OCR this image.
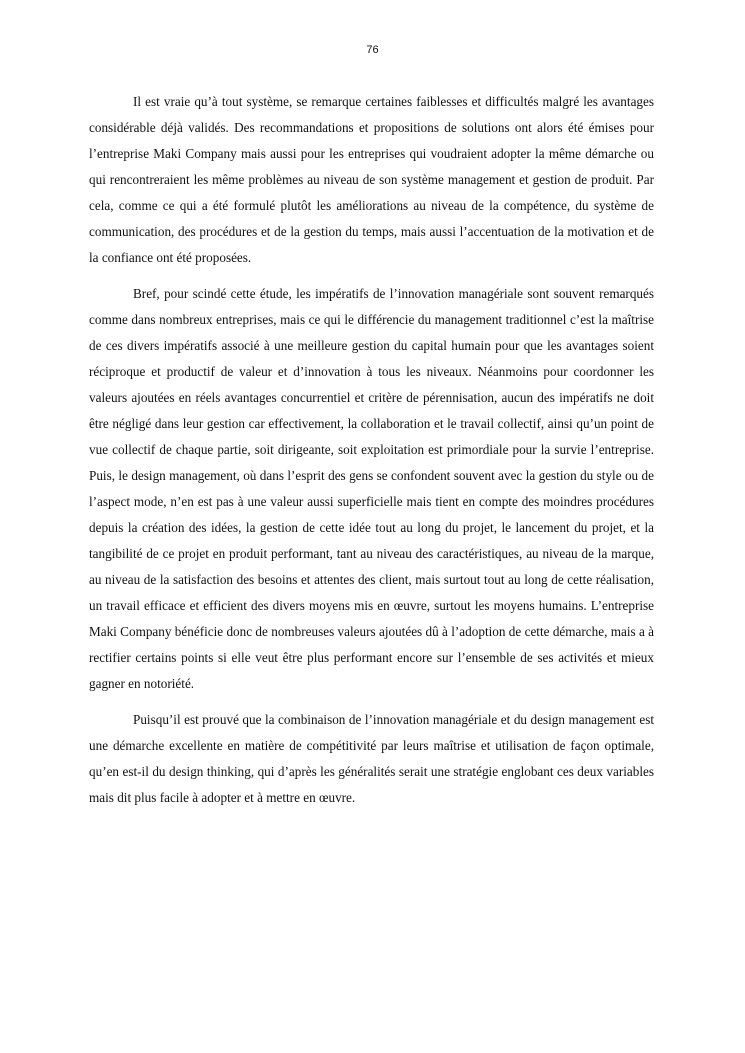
76

Il est vraie qu’à tout système, se remarque certaines faiblesses et difficultés malgré les avantages considérable déjà validés. Des recommandations et propositions de solutions ont alors été émises pour l’entreprise Maki Company mais aussi pour les entreprises qui voudraient adopter la même démarche ou qui rencontreraient les même problèmes au niveau de son système management et gestion de produit. Par cela, comme ce qui a été formulé plutôt les améliorations au niveau de la compétence, du système de communication, des procédures et de la gestion du temps, mais aussi l’accentuation de la motivation et de la confiance ont été proposées.

Bref, pour scindé cette étude, les impératifs de l’innovation managériale sont souvent remarqués comme dans nombreux entreprises, mais ce qui le différencie du management traditionnel c’est la maîtrise de ces divers impératifs associé à une meilleure gestion du capital humain pour que les avantages soient réciproque et productif de valeur et d’innovation à tous les niveaux. Néanmoins pour coordonner les valeurs ajoutées en réels avantages concurrentiel et critère de pérennisation, aucun des impératifs ne doit être négligé dans leur gestion car effectivement, la collaboration et le travail collectif, ainsi qu’un point de vue collectif de chaque partie, soit dirigeante, soit exploitation est primordiale pour la survie l’entreprise. Puis, le design management, où dans l’esprit des gens se confondent souvent avec la gestion du style ou de l’aspect mode, n’en est pas à une valeur aussi superficielle mais tient en compte des moindres procédures depuis la création des idées, la gestion de cette idée tout au long du projet, le lancement du projet, et la tangibilité de ce projet en produit performant, tant au niveau des caractéristiques, au niveau de la marque, au niveau de la satisfaction des besoins et attentes des client, mais surtout tout au long de cette réalisation, un travail efficace et efficient des divers moyens mis en œuvre, surtout les moyens humains. L’entreprise Maki Company bénéficie donc de nombreuses valeurs ajoutées dû à l’adoption de cette démarche, mais a à rectifier certains points si elle veut être plus performant encore sur l’ensemble de ses activités et mieux gagner en notoriété.

Puisqu’il est prouvé que la combinaison de l’innovation managériale et du design management est une démarche excellente en matière de compétitivité par leurs maîtrise et utilisation de façon optimale, qu’en est-il du design thinking, qui d’après les généralités serait une stratégie englobant ces deux variables mais dit plus facile à adopter et à mettre en œuvre.
